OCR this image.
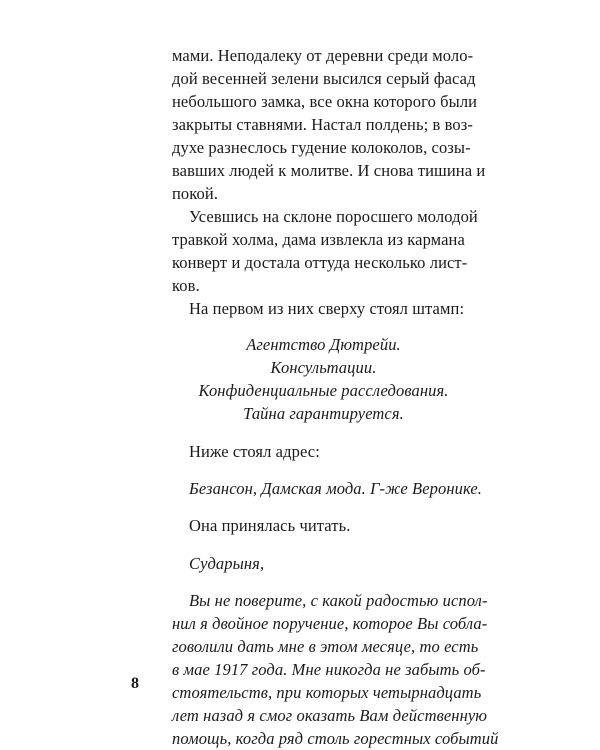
мами. Неподалеку от деревни среди моло-
дой весенней зелени высился серый фасад
небольшого замка, все окна которого были
закрыты ставнями. Настал полдень; в воз-
духе разнеслось гудение колоколов, созы-
вавших людей к молитве. И снова тишина и
покой.
Усевшись на склоне поросшего молодой
травкой холма, дама извлекла из кармана
конверт и достала оттуда несколько лист-
ков.
На первом из них сверху стоял штамп:
Агентство Дютрейи.
Консультации.
Конфиденциальные расследования.
Тайна гарантируется.
Ниже стоял адрес:
Безансон, Дамская мода. Г-же Веронике.
Она принялась читать.
Сударыня,
Вы не поверите, с какой радостью испол-
нил я двойное поручение, которое Вы собла-
говолили дать мне в этом месяце, то есть
в мае 1917 года. Мне никогда не забыть об-
стоятельств, при которых четырнадцать
лет назад я смог оказать Вам действенную
помощь, когда ряд столь горестных событий
8
